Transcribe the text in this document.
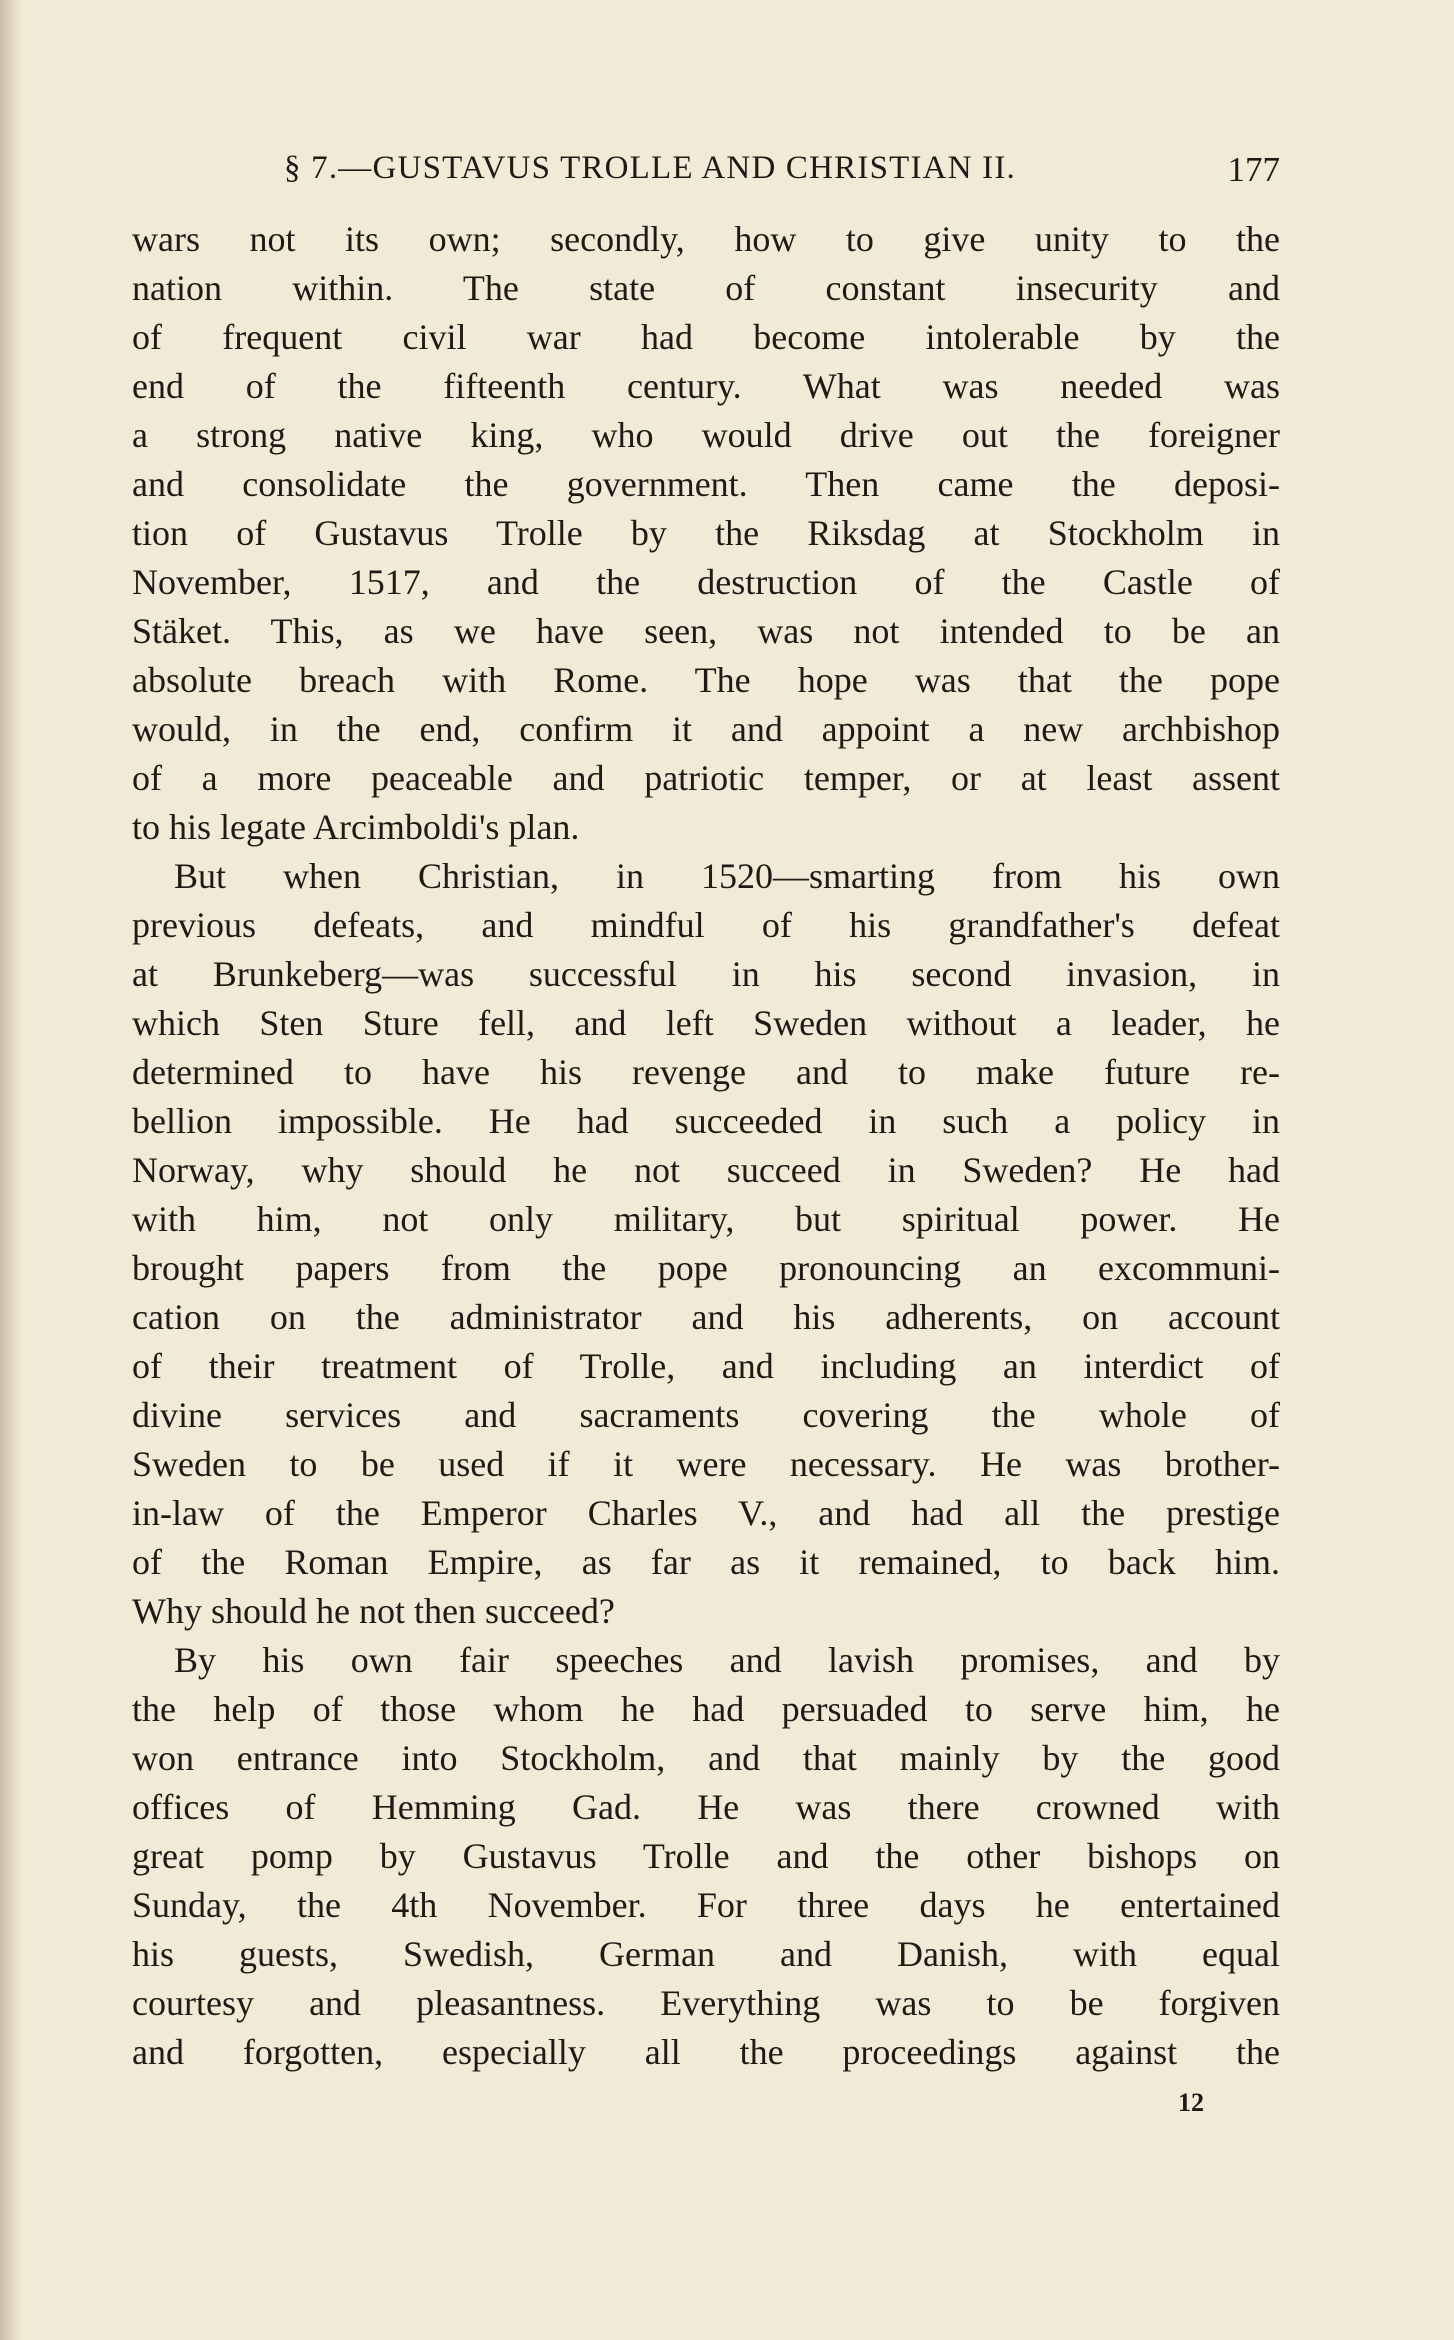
§ 7.—GUSTAVUS TROLLE AND CHRISTIAN II.	177
wars not its own; secondly, how to give unity to the
nation within. The state of constant insecurity and
of frequent civil war had become intolerable by the
end of the fifteenth century. What was needed was
a strong native king, who would drive out the foreigner
and consolidate the government. Then came the deposi-
tion of Gustavus Trolle by the Riksdag at Stockholm in
November, 1517, and the destruction of the Castle of
Stäket. This, as we have seen, was not intended to be an
absolute breach with Rome. The hope was that the pope
would, in the end, confirm it and appoint a new archbishop
of a more peaceable and patriotic temper, or at least assent
to his legate Arcimboldi's plan.
But when Christian, in 1520—smarting from his own
previous defeats, and mindful of his grandfather's defeat
at Brunkeberg—was successful in his second invasion, in
which Sten Sture fell, and left Sweden without a leader, he
determined to have his revenge and to make future re-
bellion impossible. He had succeeded in such a policy in
Norway, why should he not succeed in Sweden? He had
with him, not only military, but spiritual power. He
brought papers from the pope pronouncing an excommuni-
cation on the administrator and his adherents, on account
of their treatment of Trolle, and including an interdict of
divine services and sacraments covering the whole of
Sweden to be used if it were necessary. He was brother-
in-law of the Emperor Charles V., and had all the prestige
of the Roman Empire, as far as it remained, to back him.
Why should he not then succeed?
By his own fair speeches and lavish promises, and by
the help of those whom he had persuaded to serve him, he
won entrance into Stockholm, and that mainly by the good
offices of Hemming Gad. He was there crowned with
great pomp by Gustavus Trolle and the other bishops on
Sunday, the 4th November. For three days he entertained
his guests, Swedish, German and Danish, with equal
courtesy and pleasantness. Everything was to be forgiven
and forgotten, especially all the proceedings against the
12
